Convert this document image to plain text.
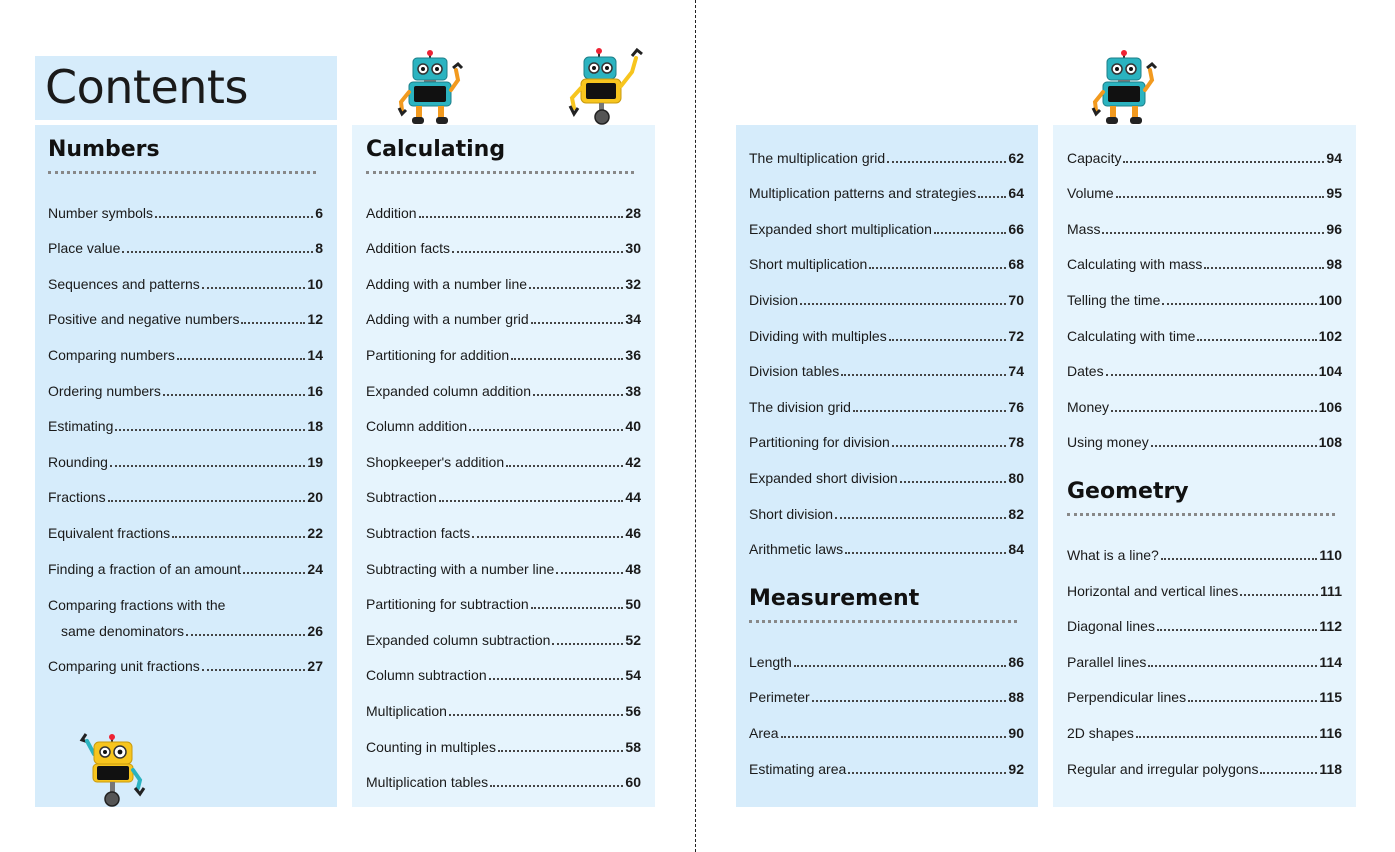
Contents
Numbers
Number symbols	6
Place value	8
Sequences and patterns	10
Positive and negative numbers	12
Comparing numbers	14
Ordering numbers	16
Estimating	18
Rounding	19
Fractions	20
Equivalent fractions	22
Finding a fraction of an amount	24
Comparing fractions with the
same denominators	26
Comparing unit fractions	27
Calculating
Addition	28
Addition facts	30
Adding with a number line	32
Adding with a number grid	34
Partitioning for addition	36
Expanded column addition	38
Column addition	40
Shopkeeper's addition	42
Subtraction	44
Subtraction facts	46
Subtracting with a number line	48
Partitioning for subtraction	50
Expanded column subtraction	52
Column subtraction	54
Multiplication	56
Counting in multiples	58
Multiplication tables	60
The multiplication grid	62
Multiplication patterns and strategies 64
Expanded short multiplication	66
Short multiplication	68
Division	70
Dividing with multiples	72
Division tables	74
The division grid	76
Partitioning for division	78
Expanded short division	80
Short division	82
Arithmetic laws	84
Measurement
Length	86
Perimeter	88
Area	90
Estimating area	92
Capacity	94
Volume	95
Mass	96
Calculating with mass	98
Telling the time	100
Calculating with time	102
Dates	104
Money	106
Using money	108
Geometry
What is a line?	110
Horizontal and vertical lines	111
Diagonal lines	112
Parallel lines	114
Perpendicular lines	115
2D shapes	116
Regular and irregular polygons	118
